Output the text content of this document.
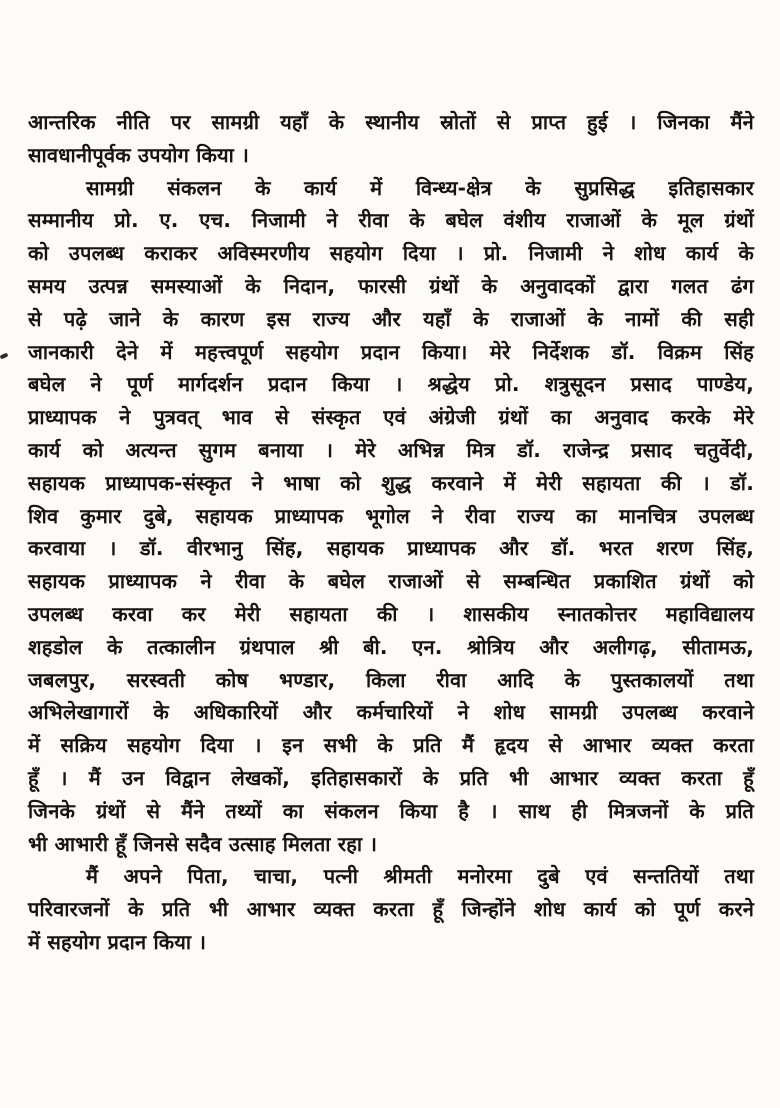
आन्तरिक नीति पर सामग्री यहाँ के स्थानीय स्रोतों से प्राप्त हुई । जिनका मैंने
सावधानीपूर्वक उपयोग किया ।
सामग्री संकलन के कार्य में विन्ध्य-क्षेत्र के सुप्रसिद्ध इतिहासकार
सम्मानीय प्रो. ए. एच. निजामी ने रीवा के बघेल वंशीय राजाओं के मूल ग्रंथों
को उपलब्ध कराकर अविस्मरणीय सहयोग दिया । प्रो. निजामी ने शोध कार्य के
समय उत्पन्न समस्याओं के निदान, फारसी ग्रंथों के अनुवादकों द्वारा गलत ढंग
से पढ़े जाने के कारण इस राज्य और यहाँ के राजाओं के नामों की सही
जानकारी देने में महत्त्वपूर्ण सहयोग प्रदान किया। मेरे निर्देशक डॉ. विक्रम सिंह
बघेल ने पूर्ण मार्गदर्शन प्रदान किया । श्रद्धेय प्रो. शत्रुसूदन प्रसाद पाण्डेय,
प्राध्यापक ने पुत्रवत् भाव से संस्कृत एवं अंग्रेजी ग्रंथों का अनुवाद करके मेरे
कार्य को अत्यन्त सुगम बनाया । मेरे अभिन्न मित्र डॉ. राजेन्द्र प्रसाद चतुर्वेदी,
सहायक प्राध्यापक-संस्कृत ने भाषा को शुद्ध करवाने में मेरी सहायता की । डॉ.
शिव कुमार दुबे, सहायक प्राध्यापक भूगोल ने रीवा राज्य का मानचित्र उपलब्ध
करवाया । डॉ. वीरभानु सिंह, सहायक प्राध्यापक और डॉ. भरत शरण सिंह,
सहायक प्राध्यापक ने रीवा के बघेल राजाओं से सम्बन्धित प्रकाशित ग्रंथों को
उपलब्ध करवा कर मेरी सहायता की । शासकीय स्नातकोत्तर महाविद्यालय
शहडोल के तत्कालीन ग्रंथपाल श्री बी. एन. श्रोत्रिय और अलीगढ़, सीतामऊ,
जबलपुर, सरस्वती कोष भण्डार, किला रीवा आदि के पुस्तकालयों तथा
अभिलेखागारों के अधिकारियों और कर्मचारियों ने शोध सामग्री उपलब्ध करवाने
में सक्रिय सहयोग दिया । इन सभी के प्रति मैं हृदय से आभार व्यक्त करता
हूँ । मैं उन विद्वान लेखकों, इतिहासकारों के प्रति भी आभार व्यक्त करता हूँ
जिनके ग्रंथों से मैंने तथ्यों का संकलन किया है । साथ ही मित्रजनों के प्रति
भी आभारी हूँ जिनसे सदैव उत्साह मिलता रहा ।
मैं अपने पिता, चाचा, पत्नी श्रीमती मनोरमा दुबे एवं सन्ततियों तथा
परिवारजनों के प्रति भी आभार व्यक्त करता हूँ जिन्होंने शोध कार्य को पूर्ण करने
में सहयोग प्रदान किया ।
